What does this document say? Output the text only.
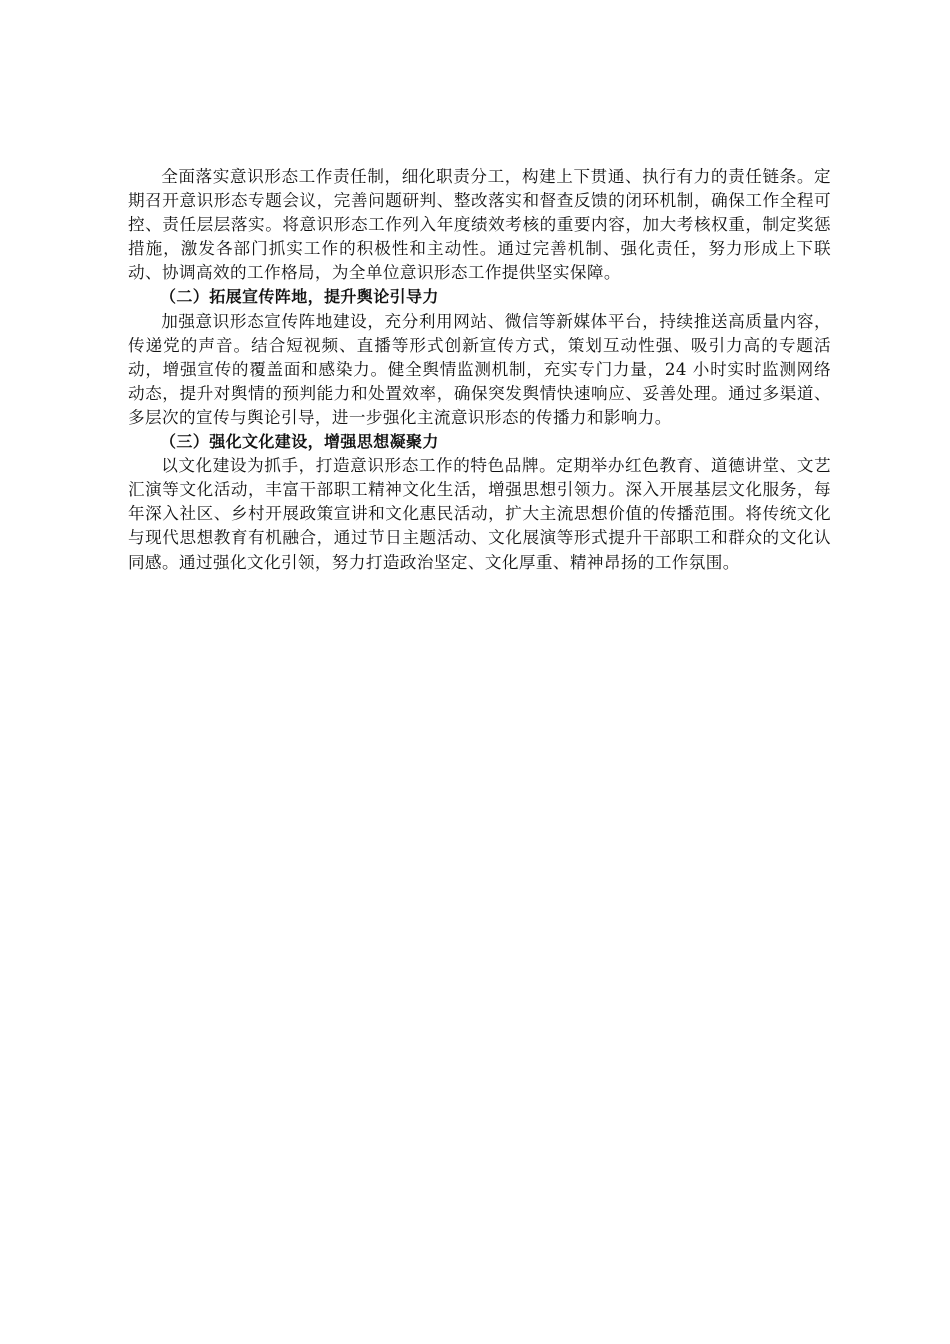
全面落实意识形态工作责任制，细化职责分工，构建上下贯通、执行有力的责任链条。定期召开意识形态专题会议，完善问题研判、整改落实和督查反馈的闭环机制，确保工作全程可控、责任层层落实。将意识形态工作列入年度绩效考核的重要内容，加大考核权重，制定奖惩措施，激发各部门抓实工作的积极性和主动性。通过完善机制、强化责任，努力形成上下联动、协调高效的工作格局，为全单位意识形态工作提供坚实保障。

（二）拓展宣传阵地，提升舆论引导力

加强意识形态宣传阵地建设，充分利用网站、微信等新媒体平台，持续推送高质量内容，传递党的声音。结合短视频、直播等形式创新宣传方式，策划互动性强、吸引力高的专题活动，增强宣传的覆盖面和感染力。健全舆情监测机制，充实专门力量，24 小时实时监测网络动态，提升对舆情的预判能力和处置效率，确保突发舆情快速响应、妥善处理。通过多渠道、多层次的宣传与舆论引导，进一步强化主流意识形态的传播力和影响力。

（三）强化文化建设，增强思想凝聚力

以文化建设为抓手，打造意识形态工作的特色品牌。定期举办红色教育、道德讲堂、文艺汇演等文化活动，丰富干部职工精神文化生活，增强思想引领力。深入开展基层文化服务，每年深入社区、乡村开展政策宣讲和文化惠民活动，扩大主流思想价值的传播范围。将传统文化与现代思想教育有机融合，通过节日主题活动、文化展演等形式提升干部职工和群众的文化认同感。通过强化文化引领，努力打造政治坚定、文化厚重、精神昂扬的工作氛围。
